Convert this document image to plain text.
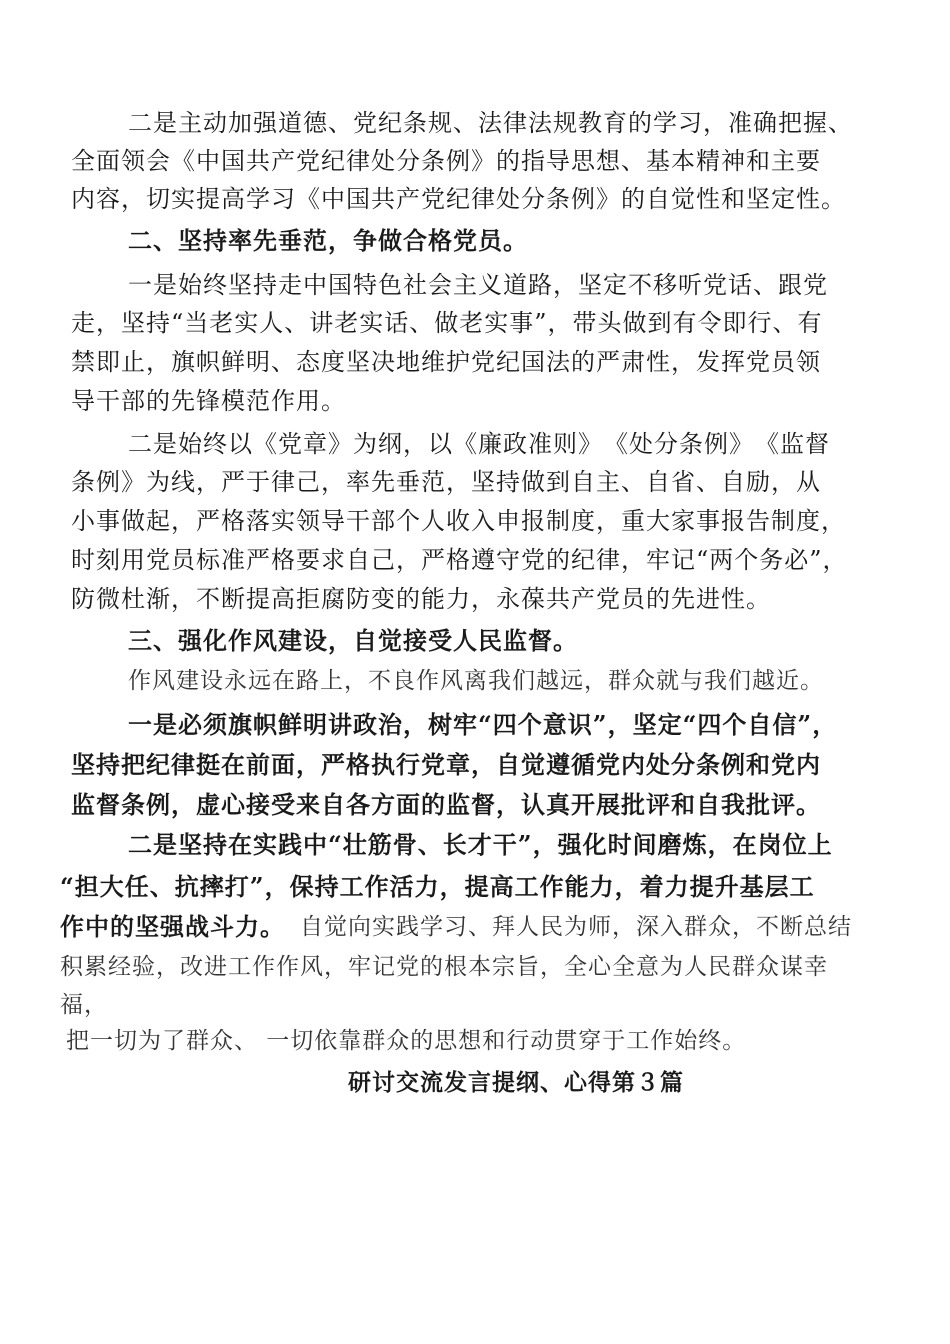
二是主动加强道德、党纪条规、法律法规教育的学习，准确把握、
全面领会《中国共产党纪律处分条例》的指导思想、基本精神和主要
内容，切实提高学习《中国共产党纪律处分条例》的自觉性和坚定性。
二、坚持率先垂范，争做合格党员。
一是始终坚持走中国特色社会主义道路，坚定不移听党话、跟党
走，坚持“当老实人、讲老实话、做老实事”，带头做到有令即行、有
禁即止，旗帜鲜明、态度坚决地维护党纪国法的严肃性，发挥党员领
导干部的先锋模范作用。
二是始终以《党章》为纲，以《廉政准则》　《处分条例》　《监督
条例》为线，严于律己，率先垂范，坚持做到自主、自省、自励，从
小事做起，严格落实领导干部个人收入申报制度，重大家事报告制度，
时刻用党员标准严格要求自己，严格遵守党的纪律，牢记“两个务必”，
防微杜渐，不断提高拒腐防变的能力，永葆共产党员的先进性。
三、强化作风建设，自觉接受人民监督。
作风建设永远在路上，不良作风离我们越远，群众就与我们越近。
一是必须旗帜鲜明讲政治，树牢“四个意识”，坚定“四个自信”，
坚持把纪律挺在前面，严格执行党章，自觉遵循党内处分条例和党内
监督条例，虚心接受来自各方面的监督，认真开展批评和自我批评。
二是坚持在实践中“壮筋骨、长才干”，强化时间磨炼，在岗位上
“担大任、抗摔打”，保持工作活力，提高工作能力，着力提升基层工
作中的坚强战斗力。 自觉向实践学习、拜人民为师，深入群众，不断总结
积累经验，改进工作作风，牢记党的根本宗旨，全心全意为人民群众谋幸
福，
把一切为了群众、 一切依靠群众的思想和行动贯穿于工作始终。
研讨交流发言提纲、心得第３篇
